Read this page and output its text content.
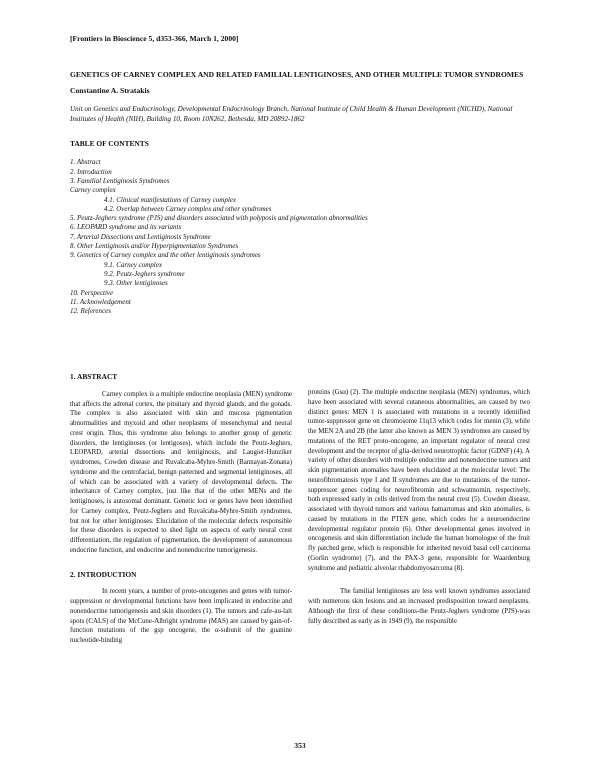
[Frontiers in Bioscience 5, d353-366, March 1, 2000]

GENETICS OF CARNEY COMPLEX AND RELATED FAMILIAL LENTIGINOSES, AND OTHER MULTIPLE TUMOR SYNDROMES

Constantine A. Stratakis

Unit on Genetics and Endocrinology, Developmental Endocrinology Branch, National Institute of Child Health & Human Development (NICHD), National Institutes of Health (NIH), Building 10, Room 10N262, Bethesda, MD 20892-1862

TABLE OF CONTENTS

1. Abstract
2. Introduction
3. Familial Lentiginosis Syndromes
Carney complex
4.1. Clinical manifestations of Carney complex
4.2. Overlap between Carney complex and other syndromes
5. Peutz-Jeghers syndrome (PJS) and disorders associated with polyposis and pigmentation abnormalities
6. LEOPARD syndrome and its variants
7. Arterial Dissections and Lentiginosis Syndrome
8. Other Lentiginosis and/or Hyperpigmentation Syndromes
9. Genetics of Carney complex and the other lentiginosis syndromes
9.1. Carney complex
9.2. Peutz-Jeghers syndrome
9.3. Other lentiginoses
10. Perspective
11. Acknowledgement
12. References

1. ABSTRACT

Carney complex is a multiple endocrine neoplasia (MEN) syndrome that affects the adrenal cortex, the pituitary and thyroid glands, and the gonads. The complex is also associated with skin and mucosa pigmentation abnormalities and myxoid and other neoplasms of mesenchymal and neural crest origin. Thus, this syndrome also belongs to another group of genetic disorders, the lentiginoses (or lentigoses), which include the Peutz-Jeghers, LEOPARD, arterial dissections and lentiginosis, and Laugier-Hunziker syndromes, Cowden disease and Ruvalcaba-Myhre-Smith (Bannayan-Zonana) syndrome and the centrofacial, benign patterned and segmental lentiginoses, all of which can be associated with a variety of developmental defects. The inheritance of Carney complex, just like that of the other MENs and the lentiginoses, is autosomal dominant. Genetic loci or genes have been identified for Carney complex, Peutz-Jeghers and Ruvalcaba-Myhre-Smith syndromes, but not for other lentiginoses. Elucidation of the molecular defects responsible for these disorders is expected to shed light on aspects of early neural crest differentiation, the regulation of pigmentation, the development of autonomous endocrine function, and endocrine and nonendocrine tumorigenesis.

2. INTRODUCTION

In recent years, a number of proto-oncogenes and genes with tumor-suppression or developmental functions have been implicated in endocrine and nonendocrine tumorigenesis and skin disorders (1). The tumors and cafe-au-lait spots (CALS) of the McCune-Albright syndrome (MAS) are caused by gain-of-function mutations of the gsp oncogene, the α-subunit of the guanine nucleotide-binding

proteins (Gsα) (2). The multiple endocrine neoplasia (MEN) syndromes, which have been associated with several cutaneous abnormalities, are caused by two distinct genes: MEN 1 is associated with mutations in a recently identified tumor-suppressor gene on chromosome 11q13 which codes for menin (3), while the MEN 2A and 2B (the latter also known as MEN 3) syndromes are caused by mutations of the RET proto-oncogene, an important regulator of neural crest development and the receptor of glia-derived neurotrophic factor (GDNF) (4). A variety of other disorders with multiple endocrine and nonendocrine tumors and skin pigmentation anomalies have been elucidated at the molecular level: The neurofibromatosis type I and II syndromes are due to mutations of the tumor-suppressor genes coding for neurofibromin and schwannomin, respectively, both expressed early in cells derived from the neural crest (5). Cowden disease, associated with thyroid tumors and various hamartomas and skin anomalies, is caused by mutations in the PTEN gene, which codes for a neuroendocrine developmental regulator protein (6). Other developmental genes involved in oncogenesis and skin differentiation include the human homologue of the fruit fly patched gene, which is responsible for inherited nevoid basal cell carcinoma (Gorlin syndrome) (7), and the PAX-3 gene, responsible for Waardenburg syndrome and pediatric alveolar rhabdomyosarcoma (8).

The familial lentiginoses are less well known syndromes associated with numerous skin lesions and an increased predisposition toward neoplasms. Although the first of these conditions-the Peutz-Jeghers syndrome (PJS)-was fully described as early as in 1949 (9), the responsible

353
